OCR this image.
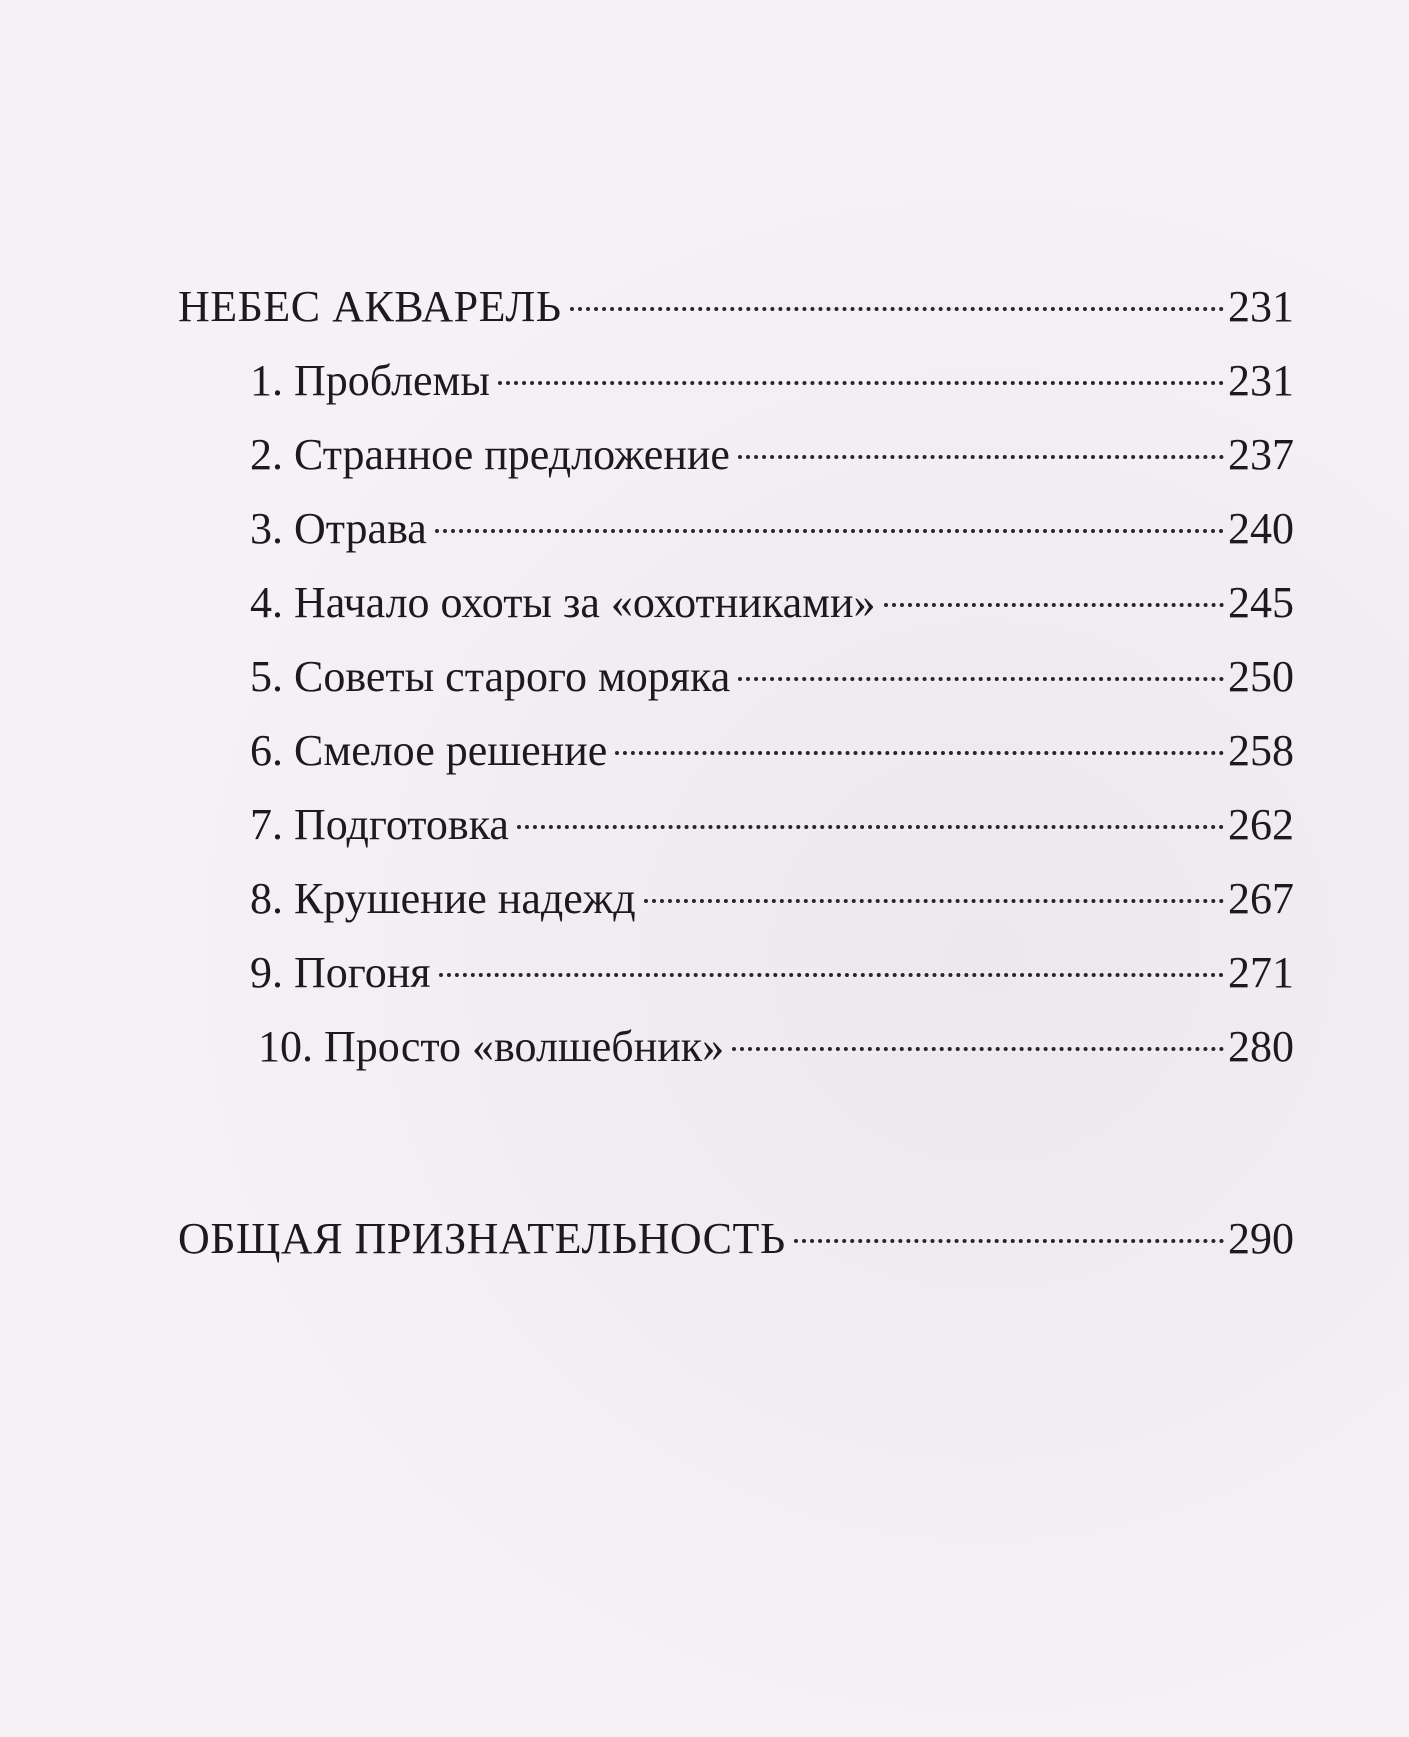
НЕБЕС АКВАРЕЛЬ	231
1. Проблемы	231
2. Странное предложение	237
3. Отрава	240
4. Начало охоты за «охотниками»	245
5. Советы старого моряка	250
6. Смелое решение	258
7. Подготовка	262
8. Крушение надежд	267
9. Погоня	271
10. Просто «волшебник»	280
ОБЩАЯ ПРИЗНАТЕЛЬНОСТЬ	290
